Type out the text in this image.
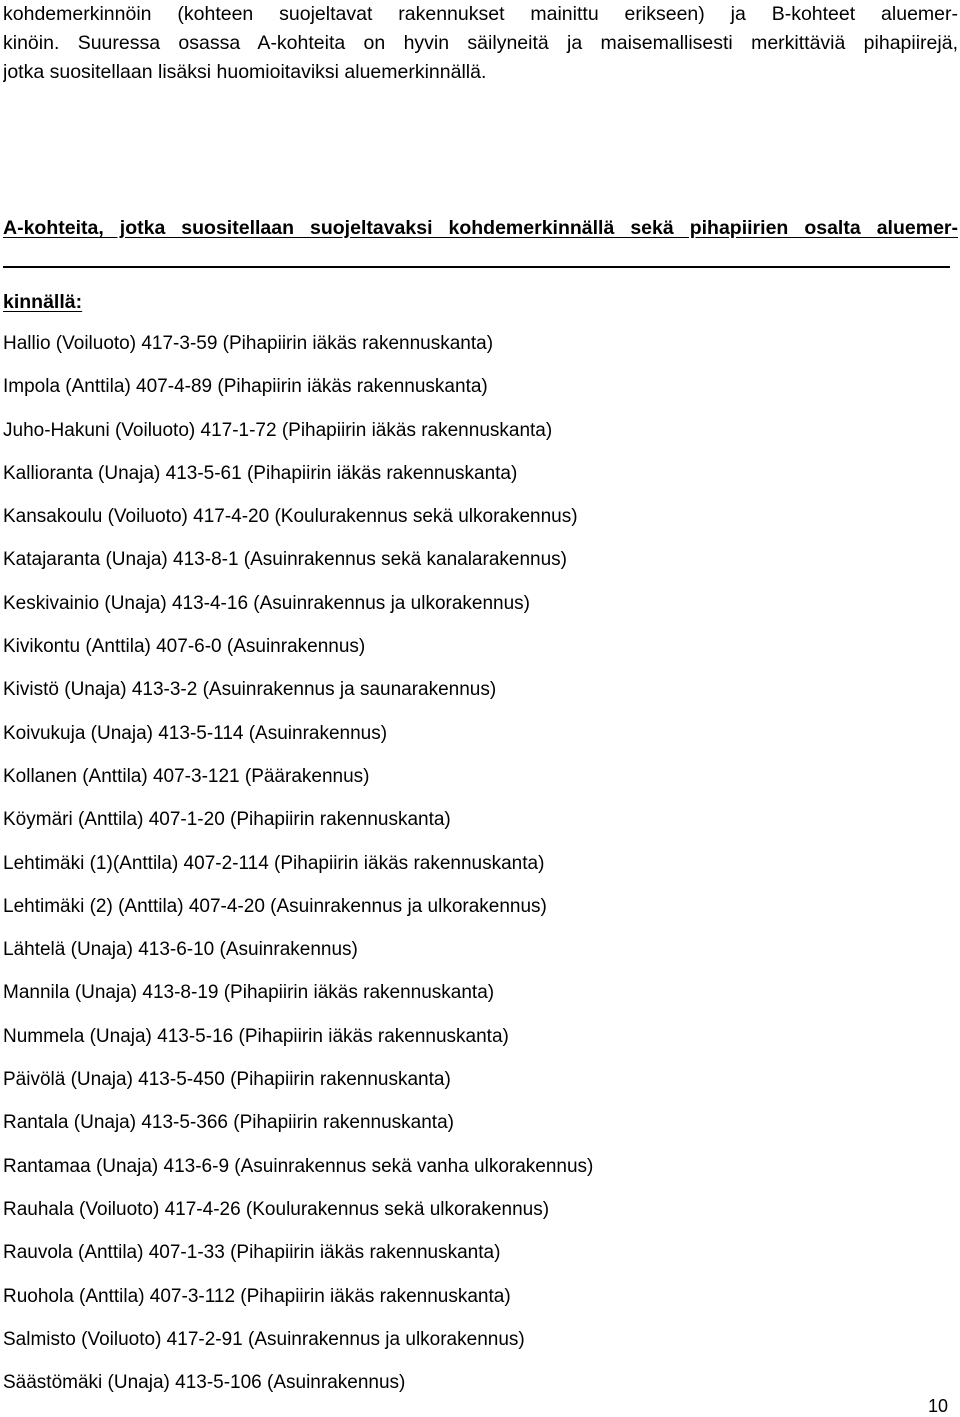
kohdemerkinnöin (kohteen suojeltavat rakennukset mainittu erikseen) ja B-kohteet aluemer-
kinöin. Suuressa osassa A-kohteita on hyvin säilyneitä ja maisemallisesti merkittäviä pihapiirejä,
jotka suositellaan lisäksi huomioitaviksi aluemerkinnällä.
A-kohteita, jotka suositellaan suojeltavaksi kohdemerkinnällä sekä pihapiirien osalta aluemer-
kinnällä:
Hallio (Voiluoto) 417-3-59 (Pihapiirin iäkäs rakennuskanta)
Impola (Anttila) 407-4-89 (Pihapiirin iäkäs rakennuskanta)
Juho-Hakuni (Voiluoto) 417-1-72 (Pihapiirin iäkäs rakennuskanta)
Kallioranta (Unaja) 413-5-61 (Pihapiirin iäkäs rakennuskanta)
Kansakoulu (Voiluoto) 417-4-20 (Koulurakennus sekä ulkorakennus)
Katajaranta (Unaja) 413-8-1 (Asuinrakennus sekä kanalarakennus)
Keskivainio (Unaja) 413-4-16 (Asuinrakennus ja ulkorakennus)
Kivikontu (Anttila) 407-6-0 (Asuinrakennus)
Kivistö (Unaja) 413-3-2 (Asuinrakennus ja saunarakennus)
Koivukuja (Unaja) 413-5-114 (Asuinrakennus)
Kollanen (Anttila) 407-3-121 (Päärakennus)
Köymäri (Anttila) 407-1-20 (Pihapiirin rakennuskanta)
Lehtimäki (1)(Anttila) 407-2-114 (Pihapiirin iäkäs rakennuskanta)
Lehtimäki (2) (Anttila) 407-4-20 (Asuinrakennus ja ulkorakennus)
Lähtelä (Unaja) 413-6-10 (Asuinrakennus)
Mannila (Unaja) 413-8-19 (Pihapiirin iäkäs rakennuskanta)
Nummela (Unaja) 413-5-16 (Pihapiirin iäkäs rakennuskanta)
Päivölä (Unaja) 413-5-450 (Pihapiirin rakennuskanta)
Rantala (Unaja) 413-5-366 (Pihapiirin rakennuskanta)
Rantamaa (Unaja) 413-6-9 (Asuinrakennus sekä vanha ulkorakennus)
Rauhala (Voiluoto) 417-4-26 (Koulurakennus sekä ulkorakennus)
Rauvola (Anttila) 407-1-33 (Pihapiirin iäkäs rakennuskanta)
Ruohola (Anttila) 407-3-112 (Pihapiirin iäkäs rakennuskanta)
Salmisto (Voiluoto) 417-2-91 (Asuinrakennus ja ulkorakennus)
Säästömäki (Unaja) 413-5-106 (Asuinrakennus)
10
